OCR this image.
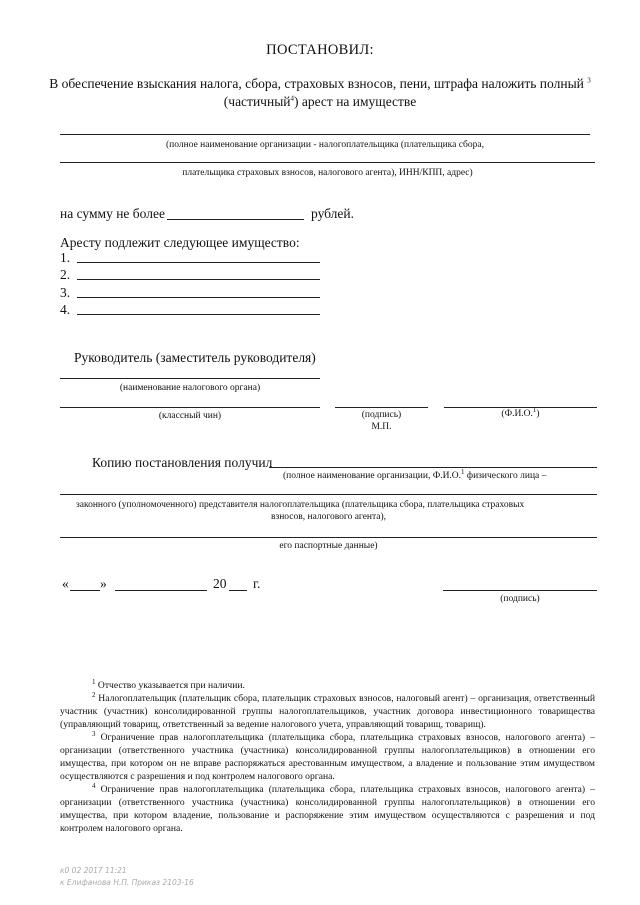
ПОСТАНОВИЛ:
В обеспечение взыскания налога, сбора, страховых взносов, пени, штрафа наложить полный $^3$
(частичный$^4$) арест на имуществе
(полное наименование организации - налогоплательщика (плательщика сбора,
плательщика страховых взносов, налогового агента), ИНН/КПП, адрес)
на сумму не более	рублей.
Аресту подлежит следующее имущество:
1.
2.
3.
4.
Руководитель (заместитель руководителя)
(наименование налогового органа)
(классный чин)	(подпись)
М.П.
(Ф.И.О.$^1$)
Копию постановления получил
(полное наименование организации, Ф.И.О.$^1$ физического лица –
законного (уполномоченного) представителя налогоплательщика (плательщика сбора, плательщика страховых
взносов, налогового агента),
его паспортные данные)
« »	20 г.
(подпись)

$^1$ Отчество указывается при наличии.

$^2$ Налогоплательщик (плательщик сбора, плательщик страховых взносов, налоговый агент) – организация, ответственный участник (участник) консолидированной группы налогоплательщиков, участник договора инвестиционного товарищества (управляющий товарищ, ответственный за ведение налогового учета, управляющий товарищ, товарищ).

$^3$ Ограничение прав налогоплательщика (плательщика сбора, плательщика страховых взносов, налогового агента) – организации (ответственного участника (участника) консолидированной группы налогоплательщиков) в отношении его имущества, при котором он не вправе распоряжаться арестованным имуществом, а владение и пользование этим имуществом осуществляются с разрешения и под контролем налогового органа.

$^4$ Ограничение прав налогоплательщика (плательщика сбора, плательщика страховых взносов, налогового агента) – организации (ответственного участника (участника) консолидированной группы налогоплательщиков) в отношении его имущества, при котором владение, пользование и распоряжение этим имуществом осуществляются с разрешения и под контролем налогового органа.

к0 02 2017 11:21
к Елифанова Н.П. Приказ 2103-16
